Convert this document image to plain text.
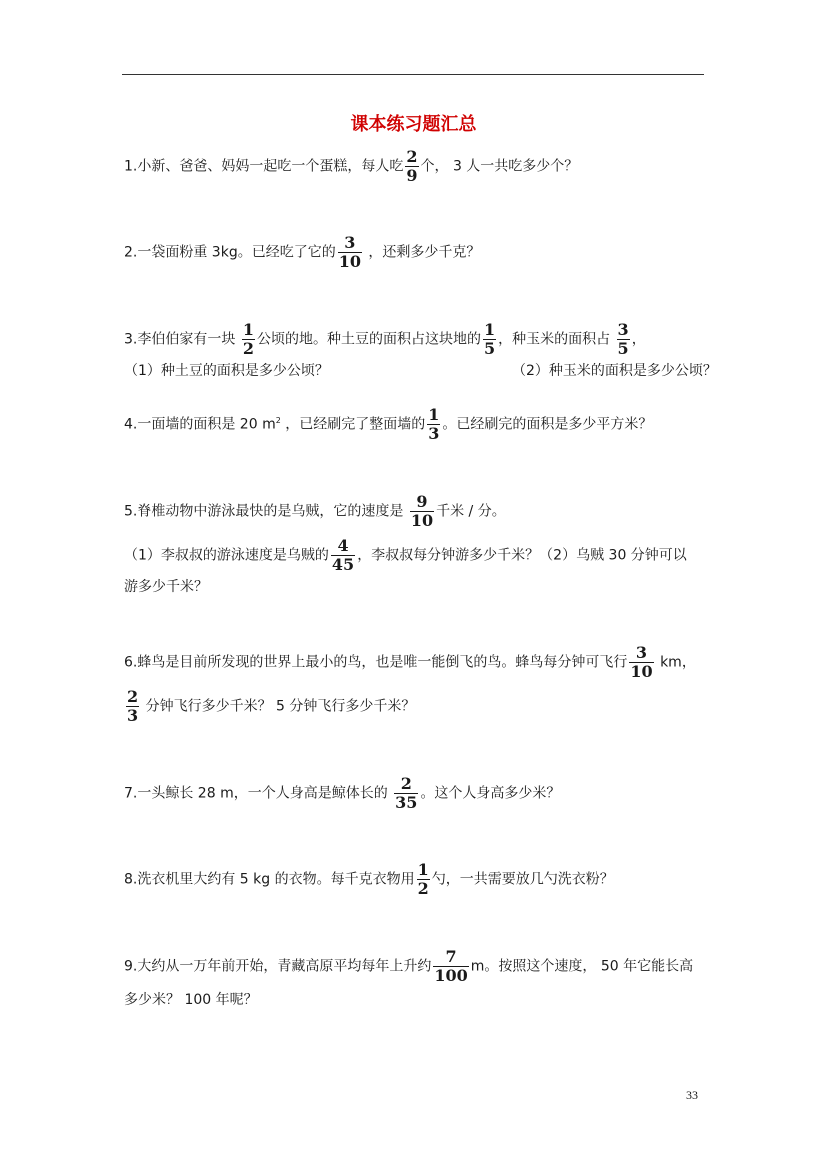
课本练习题汇总
1.小新、爸爸、妈妈一起吃一个蛋糕，每人吃 $\frac{2}{9}$ 个， 3 人一共吃多少个？
2.一袋面粉重 3kg。已经吃了它的 $\frac{3}{10}$ ，还剩多少千克？
3.李伯伯家有一块 $\frac{1}{2}$ 公顷的地。种土豆的面积占这块地的 $\frac{1}{5}$ ，种玉米的面积占 $\frac{3}{5}$ ，
（1）种土豆的面积是多少公顷？	（2）种玉米的面积是多少公顷？
4.一面墙的面积是 20 $m^2$ ，已经刷完了整面墙的 $\frac{1}{3}$ 。已经刷完的面积是多少平方米？
5.脊椎动物中游泳最快的是乌贼，它的速度是 $\frac{9}{10}$ 千米 / 分。
（1）李叔叔的游泳速度是乌贼的 $\frac{4}{45}$ ，李叔叔每分钟游多少千米？（2）乌贼 30 分钟可以
游多少千米？
6.蜂鸟是目前所发现的世界上最小的鸟，也是唯一能倒飞的鸟。蜂鸟每分钟可飞行 $\frac{3}{10}$ km，
$\frac{2}{3}$ 分钟飞行多少千米？ 5 分钟飞行多少千米？
7.一头鲸长 28 m，一个人身高是鲸体长的 $\frac{2}{35}$ 。这个人身高多少米？
8.洗衣机里大约有 5 kg 的衣物。每千克衣物用 $\frac{1}{2}$ 勺，一共需要放几勺洗衣粉？
9.大约从一万年前开始，青藏高原平均每年上升约 $\frac{7}{100}$ m。按照这个速度， 50 年它能长高
多少米？ 100 年呢？
33
